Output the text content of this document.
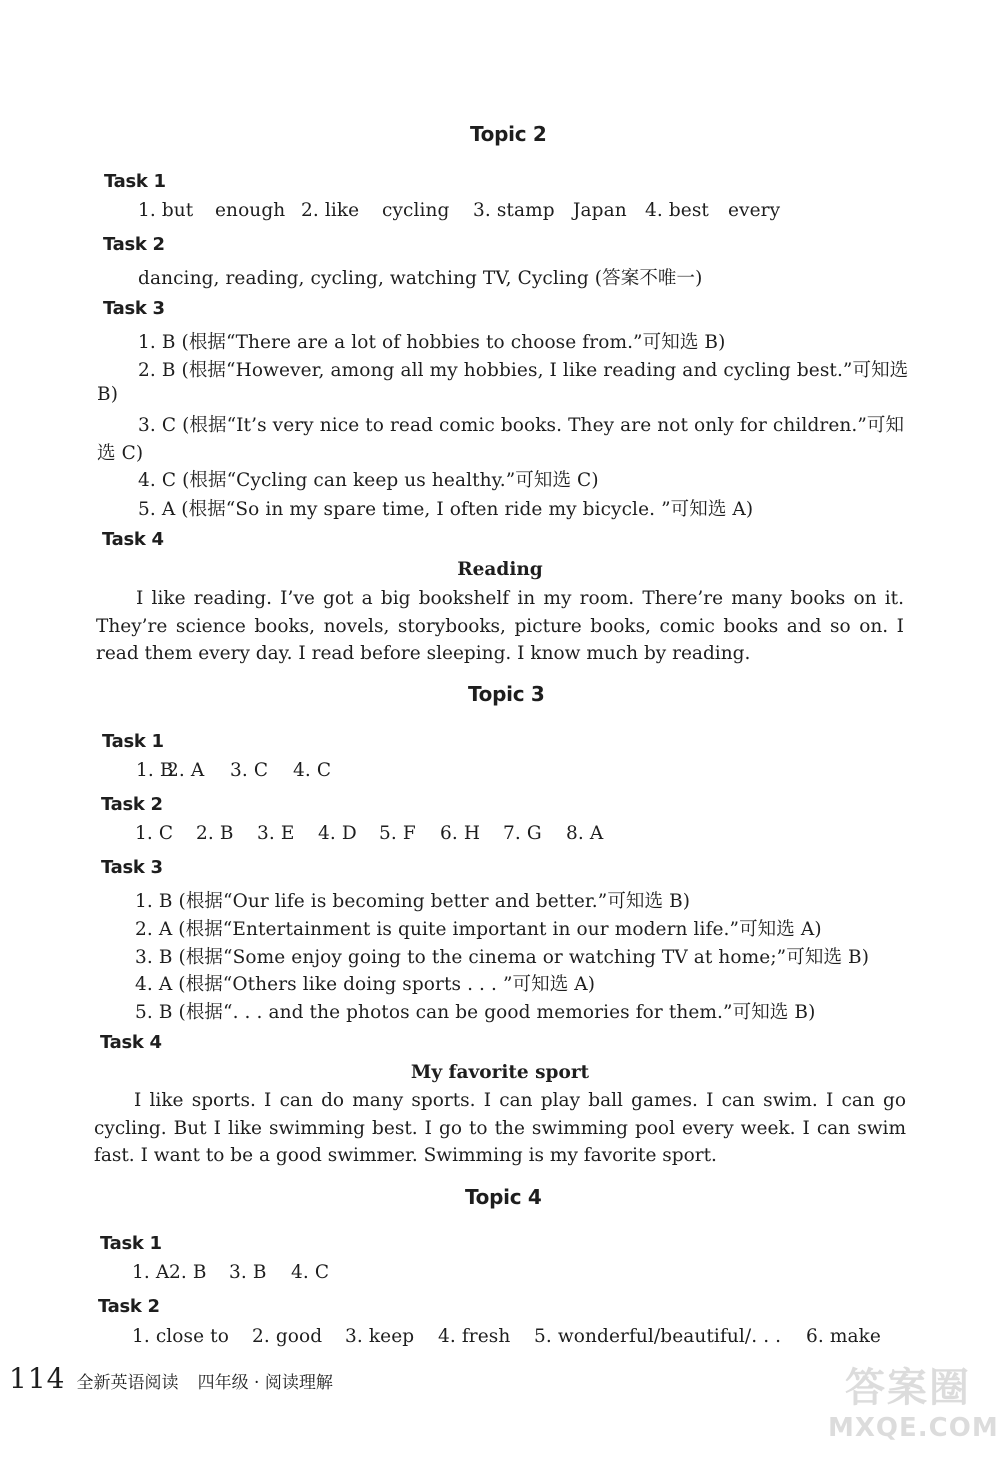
Topic 2
Task 1
1. but enough 2. like cycling 3. stamp Japan 4. best every
Task 2
dancing, reading, cycling, watching TV, Cycling (答案不唯一)
Task 3
1. B (根据“There are a lot of hobbies to choose from.”可知选 B)
2. B (根据“However, among all my hobbies, I like reading and cycling best.”可知选
B)
3. C (根据“It’s very nice to read comic books. They are not only for children.”可知
选 C)
4. C (根据“Cycling can keep us healthy.”可知选 C)
5. A (根据“So in my spare time, I often ride my bicycle. ”可知选 A)
Task 4
Reading
I like reading. I’ve got a big bookshelf in my room. There’re many books on it. They’re science books, novels, storybooks, picture books, comic books and so on. I read them every day. I read before sleeping. I know much by reading.
Topic 3
Task 1
1. B2. A 3. C 4. C
Task 2
1. C 2. B 3. E 4. D 5. F 6. H 7. G 8. A
Task 3
1. B (根据“Our life is becoming better and better.”可知选 B)
2. A (根据“Entertainment is quite important in our modern life.”可知选 A)
3. B (根据“Some enjoy going to the cinema or watching TV at home;”可知选 B)
4. A (根据“Others like doing sports . . . ”可知选 A)
5. B (根据“. . . and the photos can be good memories for them.”可知选 B)
Task 4
My favorite sport
I like sports. I can do many sports. I can play ball games. I can swim. I can go cycling. But I like swimming best. I go to the swimming pool every week. I can swim fast. I want to be a good swimmer. Swimming is my favorite sport.
Topic 4
Task 1
1. A2. B 3. B 4. C
Task 2
1. close to 2. good 3. keep 4. fresh 5. wonderful/beautiful/. . . 6. make
114 全新英语阅读 四年级 · 阅读理解	答案圈
MXQE.COM
